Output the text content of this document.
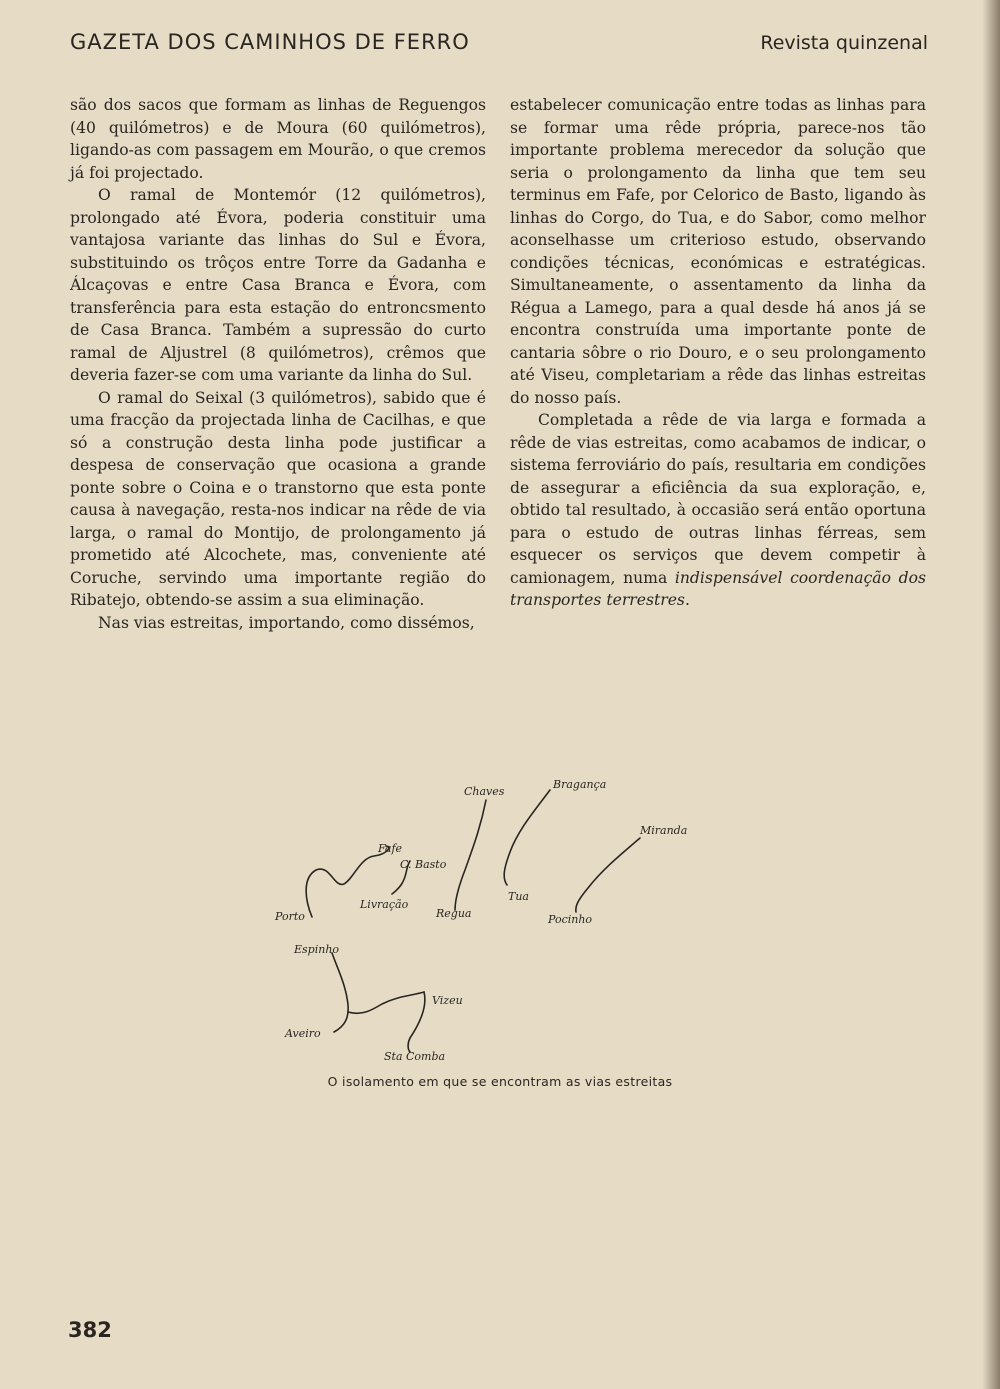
GAZETA DOS CAMINHOS DE FERRO	Revista quinzenal

são dos sacos que formam as linhas de Reguengos (40 quilómetros) e de Moura (60 quilómetros), ligando-as com passagem em Mourão, o que cremos já foi projectado.

O ramal de Montemór (12 quilómetros), prolongado até Évora, poderia constituir uma vantajosa variante das linhas do Sul e Évora, substituindo os trôços entre Torre da Gadanha e Álcaçovas e entre Casa Branca e Évora, com transferência para esta estação do entroncsmento de Casa Branca. Também a supressão do curto ramal de Aljustrel (8 quilómetros), crêmos que deveria fazer-se com uma variante da linha do Sul.

O ramal do Seixal (3 quilómetros), sabido que é uma fracção da projectada linha de Cacilhas, e que só a construção desta linha pode justificar a despesa de conservação que ocasiona a grande ponte sobre o Coina e o transtorno que esta ponte causa à navegação, resta-nos indicar na rêde de via larga, o ramal do Montijo, de prolongamento já prometido até Alcochete, mas, conveniente até Coruche, servindo uma importante região do Ribatejo, obtendo-se assim a sua eliminação.

Nas vias estreitas, importando, como dissémos,

estabelecer comunicação entre todas as linhas para se formar uma rêde própria, parece-nos tão importante problema merecedor da solução que seria o prolongamento da linha que tem seu terminus em Fafe, por Celorico de Basto, ligando às linhas do Corgo, do Tua, e do Sabor, como melhor aconselhasse um criterioso estudo, observando condições técnicas, económicas e estratégicas. Simultaneamente, o assentamento da linha da Régua a Lamego, para a qual desde há anos já se encontra construída uma importante ponte de cantaria sôbre o rio Douro, e o seu prolongamento até Viseu, completariam a rêde das linhas estreitas do nosso país.

Completada a rêde de via larga e formada a rêde de vias estreitas, como acabamos de indicar, o sistema ferroviário do país, resultaria em condições de assegurar a eficiência da sua exploração, e, obtido tal resultado, à occasião será então oportuna para o estudo de outras linhas férreas, sem esquecer os serviços que devem competir à camionagem, numa indispensável coordenação dos transportes terrestres.

Chaves
Bragança
Miranda
Fafe
C. Basto
Livração
Porto	Regua
Tua
Pocinho
Espinho
Vizeu
Aveiro
Sta Comba
O isolamento em que se encontram as vias estreitas
382
